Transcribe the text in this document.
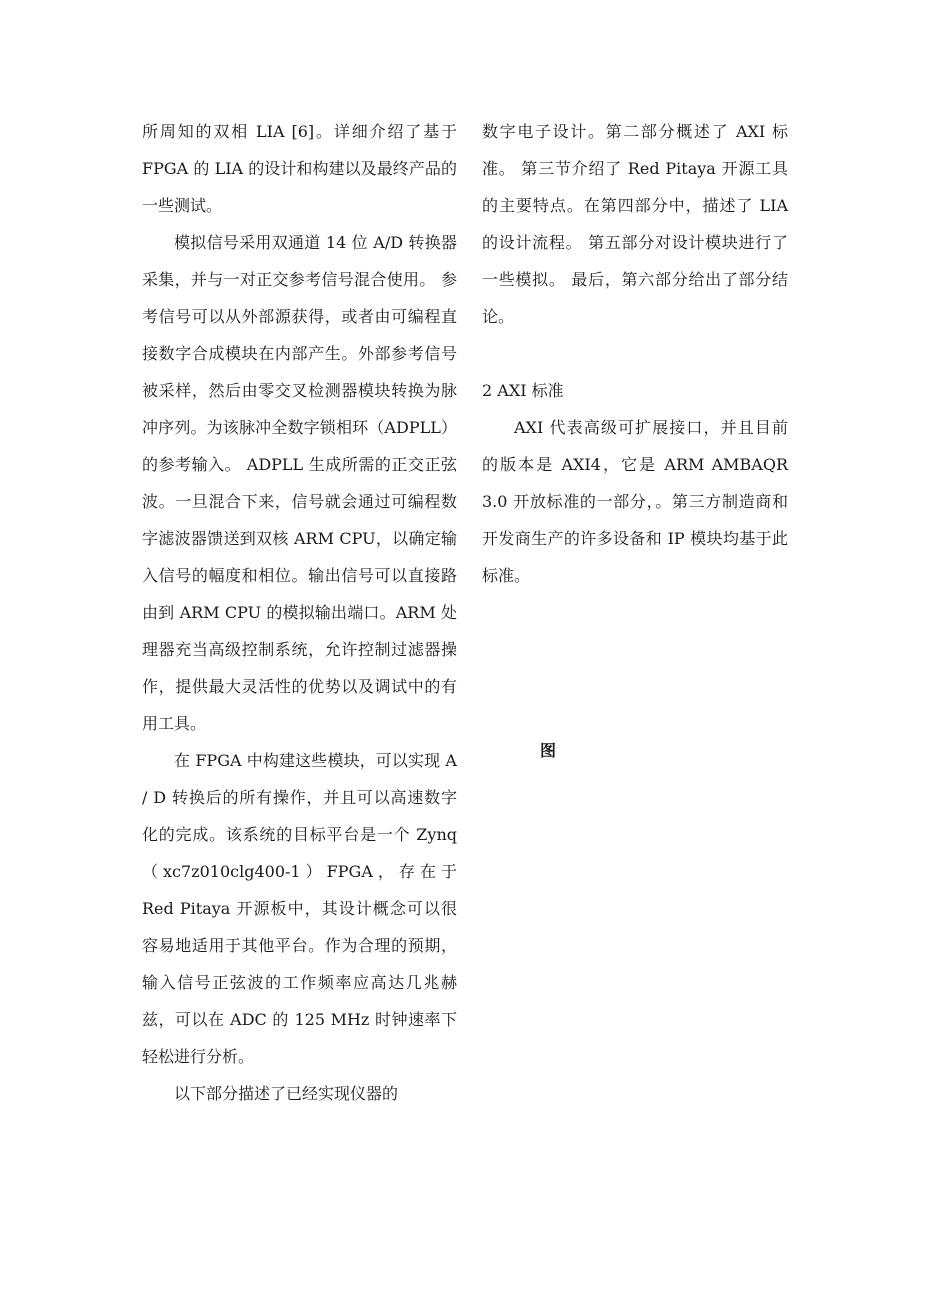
所周知的双相 LIA [6]。详细介绍了基于 FPGA 的 LIA 的设计和构建以及最终产品的一些测试。

模拟信号采用双通道 14 位 A/D 转换器采集，并与一对正交参考信号混合使用。 参考信号可以从外部源获得，或者由可编程直接数字合成模块在内部产生。外部参考信号被采样，然后由零交叉检测器模块转换为脉冲序列。为该脉冲全数字锁相环（ADPLL）的参考输入。 ADPLL 生成所需的正交正弦波。一旦混合下来，信号就会通过可编程数字滤波器馈送到双核 ARM CPU，以确定输入信号的幅度和相位。输出信号可以直接路由到 ARM CPU 的模拟输出端口。ARM 处理器充当高级控制系统，允许控制过滤器操作，提供最大灵活性的优势以及调试中的有用工具。

在 FPGA 中构建这些模块，可以实现 A / D 转换后的所有操作，并且可以高速数字化的完成。该系统的目标平台是一个 Zynq（xc7z010clg400-1）FPGA，存在于 Red Pitaya 开源板中，其设计概念可以很容易地适用于其他平台。作为合理的预期，输入信号正弦波的工作频率应高达几兆赫兹，可以在 ADC 的 125 MHz 时钟速率下轻松进行分析。

以下部分描述了已经实现仪器的

数字电子设计。第二部分概述了 AXI 标准。 第三节介绍了 Red Pitaya 开源工具的主要特点。在第四部分中，描述了 LIA 的设计流程。 第五部分对设计模块进行了一些模拟。 最后，第六部分给出了部分结论。

2 AXI 标准

AXI 代表高级可扩展接口，并且目前的版本是 AXI4，它是 ARM AMBAQR 3.0 开放标准的一部分，。第三方制造商和开发商生产的许多设备和 IP 模块均基于此标准。

图
